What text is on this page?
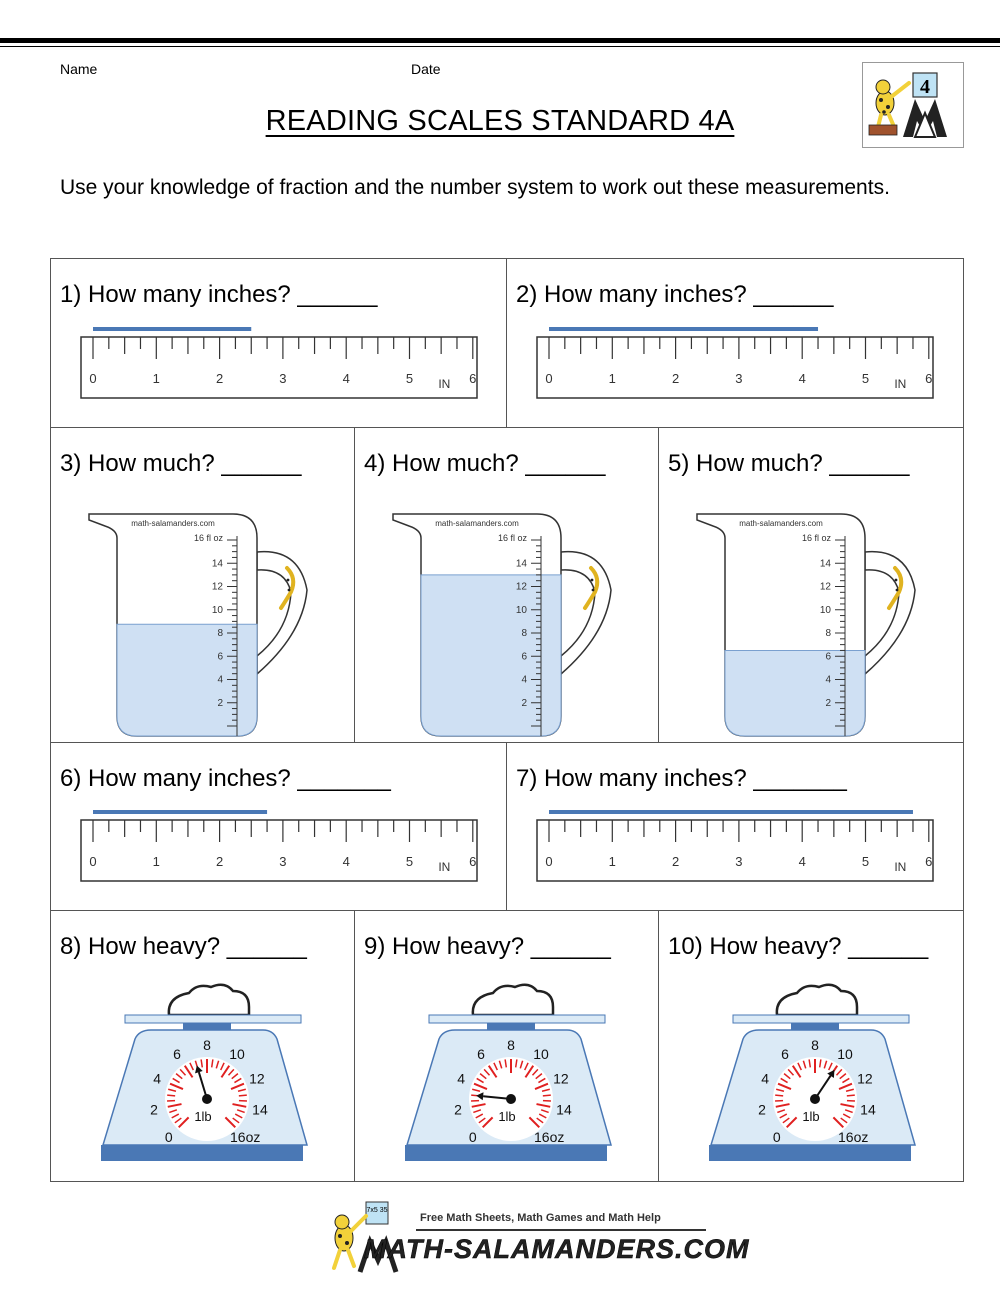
Name	Date
4
READING SCALES STANDARD 4A
Use your knowledge of fraction and the number system to work out these measurements.
1) How many inches? ______
0	1	2	3	4	5	6
IN
2) How many inches? ______
0	1	2	3	4	5	6
IN
3) How much? ______
14
12
10
8
6
4
2
16 fl oz
math-salamanders.com
4) How much? ______
14
12
10
8
6
4
2
16 fl oz
math-salamanders.com
5) How much? ______
14
12
10
8
6
4
2
16 fl oz
math-salamanders.com
6) How many inches? _______
0	1	2	3	4	5	6
IN
7) How many inches? _______
0	1	2	3	4	5	6
IN
8) How heavy? ______
0
2
4
6
8
10
12
14
16oz
1lb
9) How heavy? ______
0
2
4
6
8
10
12
14
16oz
1lb
10) How heavy? ______
0
2
4
6
8
10
12
14
16oz
1lb
7x5 35
Free Math Sheets, Math Games and Math Help
MATH-SALAMANDERS.COM
